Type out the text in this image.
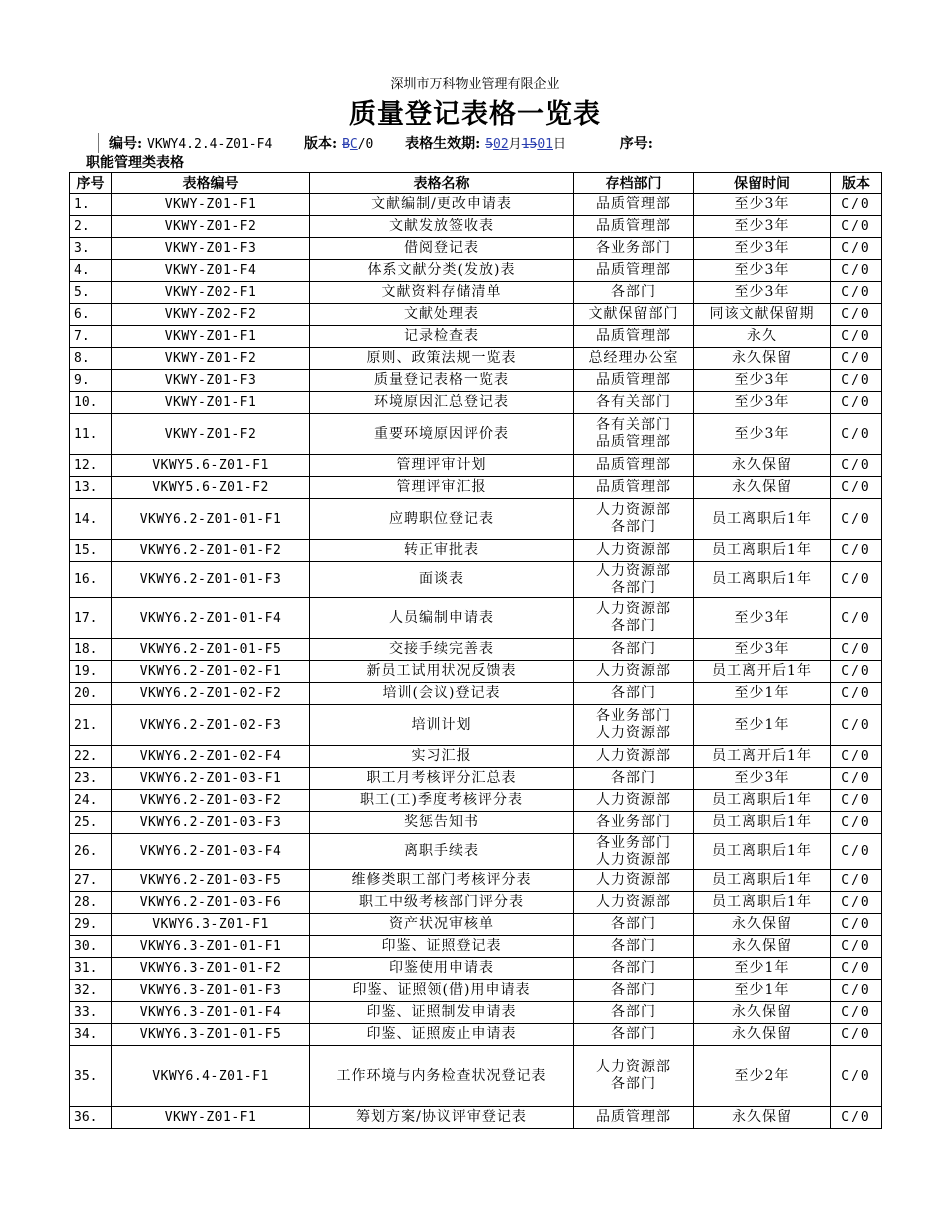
深圳市万科物业管理有限企业
质量登记表格一览表
编号: VKWY4.2.4-Z01-F4 版本: BC/0 表格生效期: 502月1501日	序号:
职能管理类表格
序号	表格编号	表格名称	存档部门	保留时间	版本
1.	VKWY-Z01-F1	文献编制/更改申请表	品质管理部	至少3年	C/0
2.	VKWY-Z01-F2	文献发放签收表	品质管理部	至少3年	C/0
3.	VKWY-Z01-F3	借阅登记表	各业务部门	至少3年	C/0
4.	VKWY-Z01-F4	体系文献分类(发放)表	品质管理部	至少3年	C/0
5.	VKWY-Z02-F1	文献资料存储清单	各部门	至少3年	C/0
6.	VKWY-Z02-F2	文献处理表	文献保留部门	同该文献保留期	C/0
7.	VKWY-Z01-F1	记录检查表	品质管理部	永久	C/0
8.	VKWY-Z01-F2	原则、政策法规一览表	总经理办公室	永久保留	C/0
9.	VKWY-Z01-F3	质量登记表格一览表	品质管理部	至少3年	C/0
10.	VKWY-Z01-F1	环境原因汇总登记表	各有关部门	至少3年	C/0
11.	VKWY-Z01-F2	重要环境原因评价表	各有关部门
品质管理部	至少3年	C/0
12.	VKWY5.6-Z01-F1	管理评审计划	品质管理部	永久保留	C/0
13.	VKWY5.6-Z01-F2	管理评审汇报	品质管理部	永久保留	C/0
14.	VKWY6.2-Z01-01-F1	应聘职位登记表	人力资源部
各部门	员工离职后1年	C/0
15.	VKWY6.2-Z01-01-F2	转正审批表	人力资源部	员工离职后1年	C/0
16.	VKWY6.2-Z01-01-F3	面谈表	人力资源部
各部门	员工离职后1年	C/0
17.	VKWY6.2-Z01-01-F4	人员编制申请表	人力资源部
各部门	至少3年	C/0
18.	VKWY6.2-Z01-01-F5	交接手续完善表	各部门	至少3年	C/0
19.	VKWY6.2-Z01-02-F1	新员工试用状况反馈表	人力资源部	员工离开后1年	C/0
20.	VKWY6.2-Z01-02-F2	培训(会议)登记表	各部门	至少1年	C/0
21.	VKWY6.2-Z01-02-F3	培训计划	各业务部门
人力资源部	至少1年	C/0
22.	VKWY6.2-Z01-02-F4	实习汇报	人力资源部	员工离开后1年	C/0
23.	VKWY6.2-Z01-03-F1	职工月考核评分汇总表	各部门	至少3年	C/0
24.	VKWY6.2-Z01-03-F2	职工(工)季度考核评分表	人力资源部	员工离职后1年	C/0
25.	VKWY6.2-Z01-03-F3	奖惩告知书	各业务部门	员工离职后1年	C/0
26.	VKWY6.2-Z01-03-F4	离职手续表	各业务部门
人力资源部	员工离职后1年	C/0
27.	VKWY6.2-Z01-03-F5	维修类职工部门考核评分表	人力资源部	员工离职后1年	C/0
28.	VKWY6.2-Z01-03-F6	职工中级考核部门评分表	人力资源部	员工离职后1年	C/0
29.	VKWY6.3-Z01-F1	资产状况审核单	各部门	永久保留	C/0
30.	VKWY6.3-Z01-01-F1	印鉴、证照登记表	各部门	永久保留	C/0
31.	VKWY6.3-Z01-01-F2	印鉴使用申请表	各部门	至少1年	C/0
32.	VKWY6.3-Z01-01-F3	印鉴、证照领(借)用申请表	各部门	至少1年	C/0
33.	VKWY6.3-Z01-01-F4	印鉴、证照制发申请表	各部门	永久保留	C/0
34.	VKWY6.3-Z01-01-F5	印鉴、证照废止申请表	各部门	永久保留	C/0
35.	VKWY6.4-Z01-F1	工作环境与内务检查状况登记表	人力资源部
各部门	至少2年	C/0
36.	VKWY-Z01-F1	筹划方案/协议评审登记表	品质管理部	永久保留	C/0
